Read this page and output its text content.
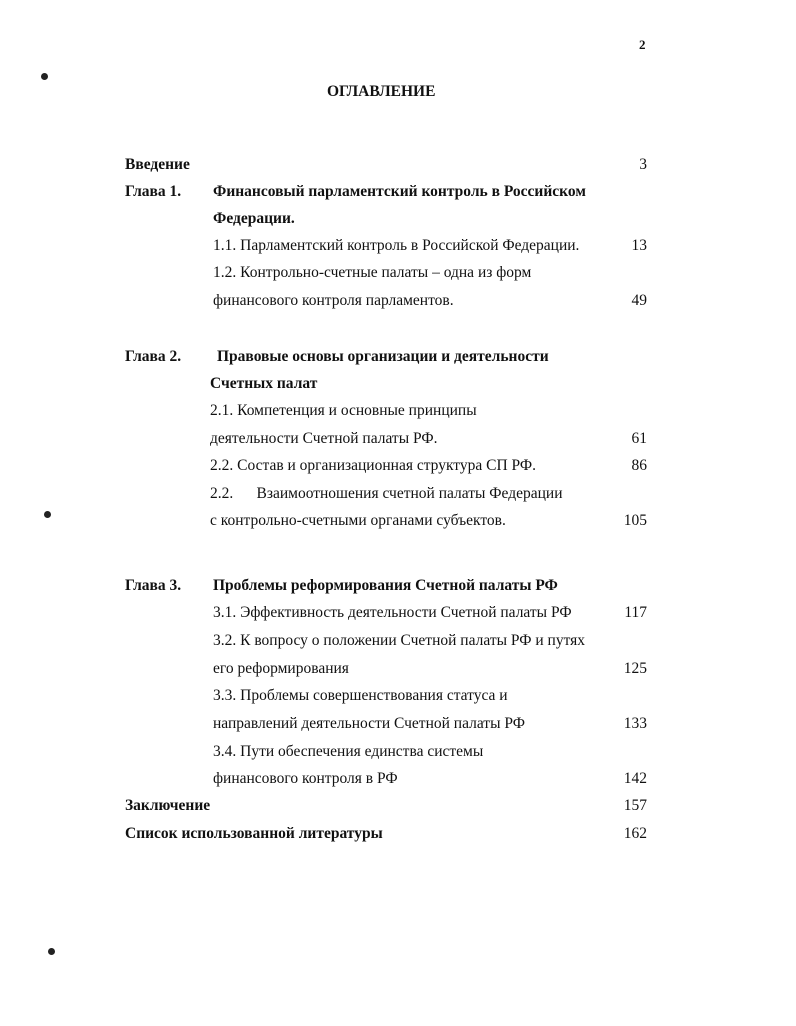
2
ОГЛАВЛЕНИЕ
Введение	3
Глава 1. Финансовый парламентский контроль в Российском
Федерации.
1.1. Парламентский контроль в Российской Федерации.	13
1.2. Контрольно-счетные палаты – одна из форм
финансового контроля парламентов.	49
Глава 2. Правовые основы организации и деятельности
Счетных палат
2.1. Компетенция и основные принципы
деятельности Счетной палаты РФ.	61
2.2. Состав и организационная структура СП РФ.	86
2.2.      Взаимоотношения счетной палаты Федерации
с контрольно-счетными органами субъектов.	105
Глава 3. Проблемы реформирования Счетной палаты РФ
3.1. Эффективность деятельности Счетной палаты РФ	117
3.2. К вопросу о положении Счетной палаты РФ и путях
его реформирования	125
3.3. Проблемы совершенствования статуса и
направлений деятельности Счетной палаты РФ	133
3.4. Пути обеспечения единства системы
финансового контроля в РФ	142
Заключение	157
Список использованной литературы	162
